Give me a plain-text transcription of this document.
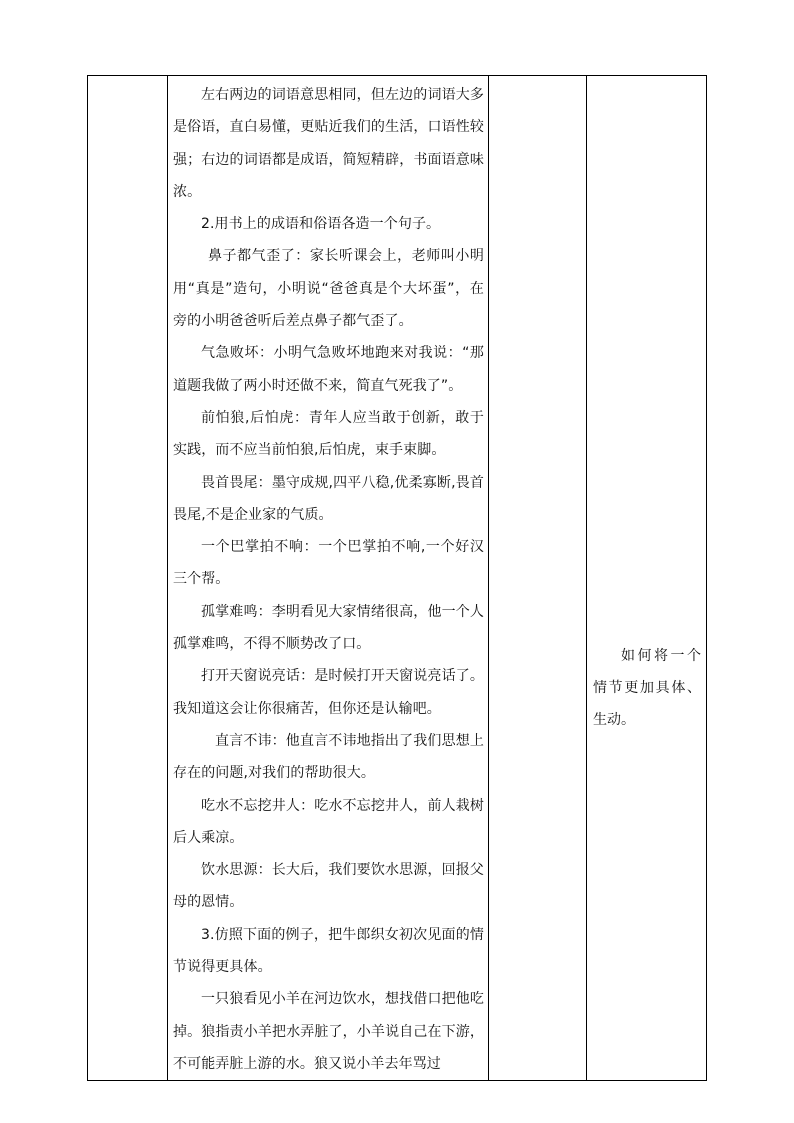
左右两边的词语意思相同，但左边的词语大多是俗语，直白易懂，更贴近我们的生活，口语性较强；右边的词语都是成语，简短精辟，书面语意味浓。

2.用书上的成语和俗语各造一个句子。

鼻子都气歪了：家长听课会上，老师叫小明用“真是”造句，小明说“爸爸真是个大坏蛋”，在旁的小明爸爸听后差点鼻子都气歪了。

气急败坏：小明气急败坏地跑来对我说：“那道题我做了两小时还做不来，简直气死我了”。

前怕狼,后怕虎：青年人应当敢于创新，敢于实践，而不应当前怕狼,后怕虎，束手束脚。

畏首畏尾：墨守成规,四平八稳,优柔寡断,畏首畏尾,不是企业家的气质。

一个巴掌拍不响：一个巴掌拍不响,一个好汉三个帮。

孤掌难鸣：李明看见大家情绪很高，他一个人孤掌难鸣，不得不顺势改了口。

打开天窗说亮话：是时候打开天窗说亮话了。我知道这会让你很痛苦，但你还是认输吧。

直言不讳：他直言不讳地指出了我们思想上存在的问题,对我们的帮助很大。

吃水不忘挖井人：吃水不忘挖井人，前人栽树后人乘凉。

饮水思源：长大后，我们要饮水思源，回报父母的恩情。

3.仿照下面的例子，把牛郎织女初次见面的情节说得更具体。

一只狼看见小羊在河边饮水，想找借口把他吃掉。狼指责小羊把水弄脏了，小羊说自己在下游，不可能弄脏上游的水。狼又说小羊去年骂过

如何将一个情节更加具体、生动。
